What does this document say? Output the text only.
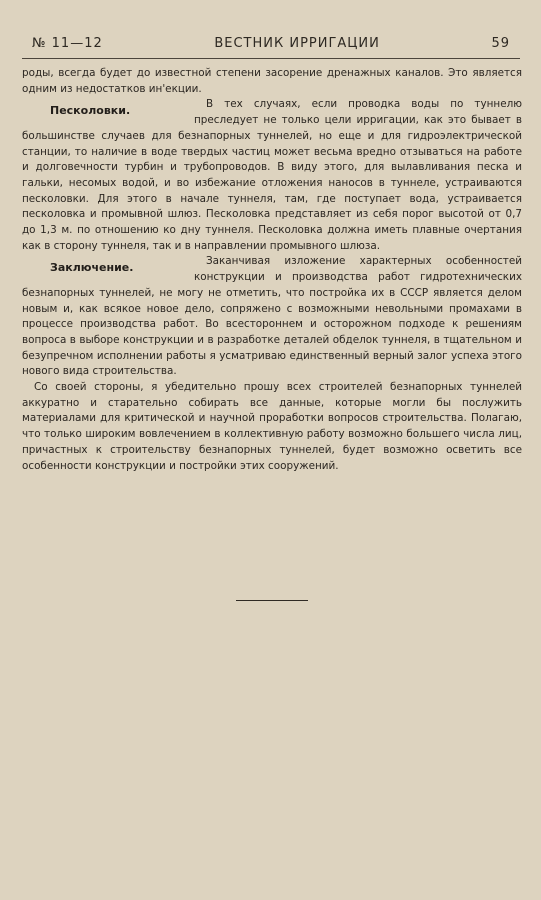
№ 11—12	ВЕСТНИК ИРРИГАЦИИ	59

роды, всегда будет до известной степени засорение дренажных каналов. Это является одним из недостатков ин'екции.

Песколовки.	В тех случаях, если проводка воды по туннелю преследует не только цели ирригации, как это бывает в большинстве случаев для безнапорных туннелей, но еще и для гидроэлектрической станции, то наличие в воде твердых частиц может весьма вредно отзываться на работе и долговечности турбин и трубопроводов. В виду этого, для вылавливания песка и гальки, несомых водой, и во избежание отложения наносов в туннеле, устраиваются песколовки. Для этого в начале туннеля, там, где поступает вода, устраивается песколовка и промывной шлюз. Песколовка представляет из себя порог высотой от 0,7 до 1,3 м. по отношению ко дну туннеля. Песколовка должна иметь плавные очертания как в сторону туннеля, так и в направлении промывного шлюза.

Заключение.	Заканчивая изложение характерных особенностей конструкции и производства работ гидротехнических безнапорных туннелей, не могу не отметить, что постройка их в СССР является делом новым и, как всякое новое дело, сопряжено с возможными невольными промахами в процессе производства работ. Во всестороннем и осторожном подходе к решениям вопроса в выборе конструкции и в разработке деталей обделок туннеля, в тщательном и безупречном исполнении работы я усматриваю единственный верный залог успеха этого нового вида строительства.

Со своей стороны, я убедительно прошу всех строителей безнапорных туннелей аккуратно и старательно собирать все данные, которые могли бы послужить материалами для критической и научной проработки вопросов строительства. Полагаю, что только широким вовлечением в коллективную работу возможно большего числа лиц, причастных к строительству безнапорных туннелей, будет возможно осветить все особенности конструкции и постройки этих сооружений.
